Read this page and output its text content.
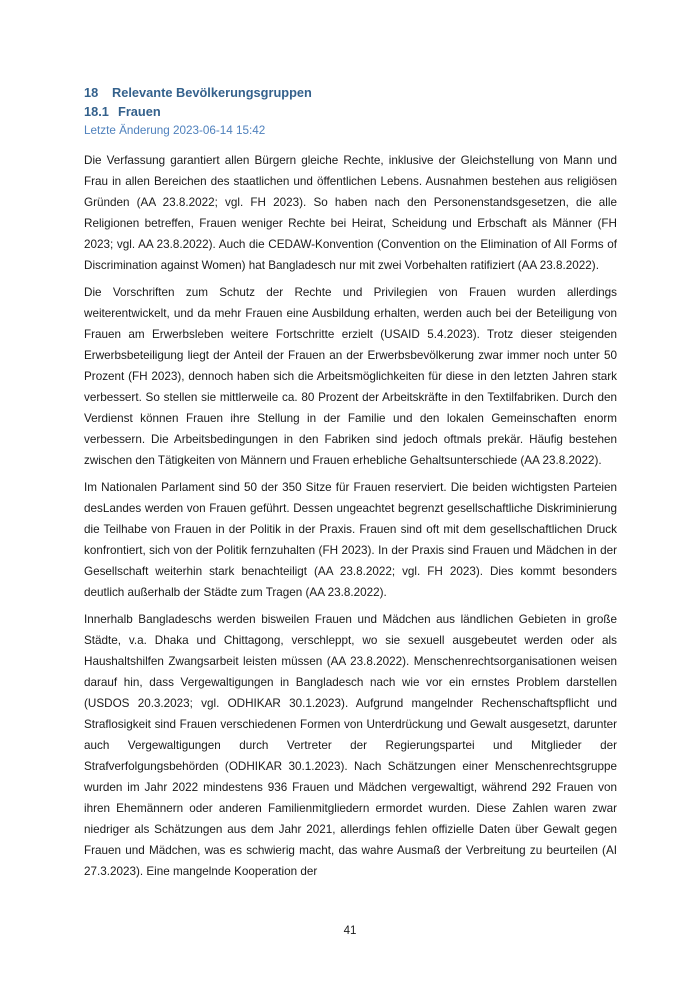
18	Relevante Bevölkerungsgruppen
18.1 Frauen
Letzte Änderung 2023-06-14 15:42

Die Verfassung garantiert allen Bürgern gleiche Rechte, inklusive der Gleichstellung von Mann und Frau in allen Bereichen des staatlichen und öffentlichen Lebens. Ausnahmen bestehen aus religiösen Gründen (AA 23.8.2022; vgl. FH 2023). So haben nach den Personenstandsgesetzen, die alle Religionen betreffen, Frauen weniger Rechte bei Heirat, Scheidung und Erbschaft als Männer (FH 2023; vgl. AA 23.8.2022). Auch die CEDAW-Konvention (Convention on the Elimination of All Forms of Discrimination against Women) hat Bangladesch nur mit zwei Vorbehalten ratifiziert (AA 23.8.2022).

Die Vorschriften zum Schutz der Rechte und Privilegien von Frauen wurden allerdings weiterentwickelt, und da mehr Frauen eine Ausbildung erhalten, werden auch bei der Beteiligung von Frauen am Erwerbsleben weitere Fortschritte erzielt (USAID 5.4.2023). Trotz dieser steigenden Erwerbsbeteiligung liegt der Anteil der Frauen an der Erwerbsbevölkerung zwar immer noch unter 50 Prozent (FH 2023), dennoch haben sich die Arbeitsmöglichkeiten für diese in den letzten Jahren stark verbessert. So stellen sie mittlerweile ca. 80 Prozent der Arbeitskräfte in den Textilfabriken. Durch den Verdienst können Frauen ihre Stellung in der Familie und den lokalen Gemeinschaften enorm verbessern. Die Arbeitsbedingungen in den Fabriken sind jedoch oftmals prekär. Häufig bestehen zwischen den Tätigkeiten von Männern und Frauen erhebliche Gehaltsunterschiede (AA 23.8.2022).

Im Nationalen Parlament sind 50 der 350 Sitze für Frauen reserviert. Die beiden wichtigsten Parteien desLandes werden von Frauen geführt. Dessen ungeachtet begrenzt gesellschaftliche Diskriminierung die Teilhabe von Frauen in der Politik in der Praxis. Frauen sind oft mit dem gesellschaftlichen Druck konfrontiert, sich von der Politik fernzuhalten (FH 2023). In der Praxis sind Frauen und Mädchen in der Gesellschaft weiterhin stark benachteiligt (AA 23.8.2022; vgl. FH 2023). Dies kommt besonders deutlich außerhalb der Städte zum Tragen (AA 23.8.2022).

Innerhalb Bangladeschs werden bisweilen Frauen und Mädchen aus ländlichen Gebieten in große Städte, v.a. Dhaka und Chittagong, verschleppt, wo sie sexuell ausgebeutet werden oder als Haushaltshilfen Zwangsarbeit leisten müssen (AA 23.8.2022). Menschenrechtsorganisationen weisen darauf hin, dass Vergewaltigungen in Bangladesch nach wie vor ein ernstes Problem darstellen (USDOS 20.3.2023; vgl. ODHIKAR 30.1.2023). Aufgrund mangelnder Rechenschaftspflicht und Straflosigkeit sind Frauen verschiedenen Formen von Unterdrückung und Gewalt ausgesetzt, darunter auch Vergewaltigungen durch Vertreter der Regierungspartei und Mitglieder der Strafverfolgungsbehörden (ODHIKAR 30.1.2023). Nach Schätzungen einer Menschenrechtsgruppe wurden im Jahr 2022 mindestens 936 Frauen und Mädchen vergewaltigt, während 292 Frauen von ihren Ehemännern oder anderen Familienmitgliedern ermordet wurden. Diese Zahlen waren zwar niedriger als Schätzungen aus dem Jahr 2021, allerdings fehlen offizielle Daten über Gewalt gegen Frauen und Mädchen, was es schwierig macht, das wahre Ausmaß der Verbreitung zu beurteilen (AI 27.3.2023). Eine mangelnde Kooperation der

41
